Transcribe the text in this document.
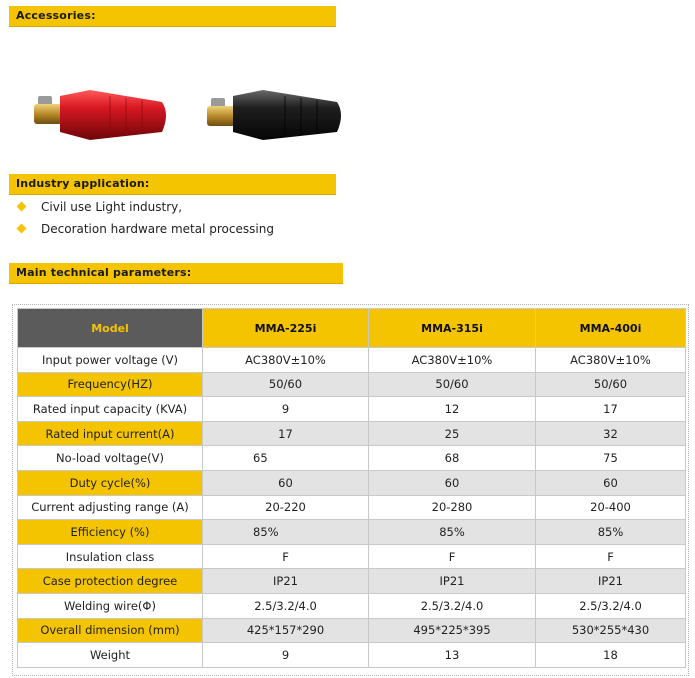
Accessories:
Industry application:
Civil use Light industry,
Decoration hardware metal processing
Main technical parameters:
Model	MMA-225i	MMA-315i	MMA-400i
Input power voltage (V)	AC380V±10%	AC380V±10%	AC380V±10%
Frequency(HZ)	50/60	50/60	50/60
Rated input capacity (KVA)	9	12	17
Rated input current(A)	17	25	32
No-load voltage(V)	65	68	75
Duty cycle(%)	60	60	60
Current adjusting range (A)	20-220	20-280	20-400
Efficiency (%)	85%	85%	85%
Insulation class	F	F	F
Case protection degree	IP21	IP21	IP21
Welding wire(Φ)	2.5/3.2/4.0	2.5/3.2/4.0	2.5/3.2/4.0
Overall dimension (mm)	425*157*290	495*225*395	530*255*430
Weight	9	13	18
